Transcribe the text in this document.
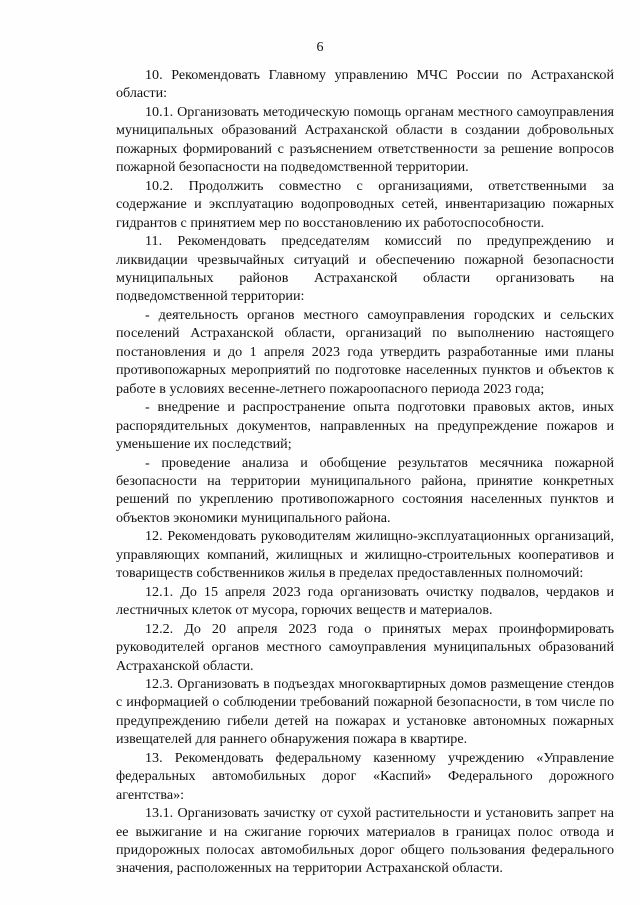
6

10. Рекомендовать Главному управлению МЧС России по Астраханской области:

10.1. Организовать методическую помощь органам местного самоуправления муниципальных образований Астраханской области в создании добровольных пожарных формирований с разъяснением ответственности за решение вопросов пожарной безопасности на подведомственной территории.

10.2. Продолжить совместно с организациями, ответственными за содержание и эксплуатацию водопроводных сетей, инвентаризацию пожарных гидрантов с принятием мер по восстановлению их работоспособности.

11. Рекомендовать председателям комиссий по предупреждению и ликвидации чрезвычайных ситуаций и обеспечению пожарной безопасности муниципальных районов Астраханской области организовать на подведомственной территории:

- деятельность органов местного самоуправления городских и сельских поселений Астраханской области, организаций по выполнению настоящего постановления и до 1 апреля 2023 года утвердить разработанные ими планы противопожарных мероприятий по подготовке населенных пунктов и объектов к работе в условиях весенне-летнего пожароопасного периода 2023 года;

- внедрение и распространение опыта подготовки правовых актов, иных распорядительных документов, направленных на предупреждение пожаров и уменьшение их последствий;

- проведение анализа и обобщение результатов месячника пожарной безопасности на территории муниципального района, принятие конкретных решений по укреплению противопожарного состояния населенных пунктов и объектов экономики муниципального района.

12. Рекомендовать руководителям жилищно-эксплуатационных организаций, управляющих компаний, жилищных и жилищно-строительных кооперативов и товариществ собственников жилья в пределах предоставленных полномочий:

12.1. До 15 апреля 2023 года организовать очистку подвалов, чердаков и лестничных клеток от мусора, горючих веществ и материалов.

12.2. До 20 апреля 2023 года о принятых мерах проинформировать руководителей органов местного самоуправления муниципальных образований Астраханской области.

12.3. Организовать в подъездах многоквартирных домов размещение стендов с информацией о соблюдении требований пожарной безопасности, в том числе по предупреждению гибели детей на пожарах и установке автономных пожарных извещателей для раннего обнаружения пожара в квартире.

13. Рекомендовать федеральному казенному учреждению «Управление федеральных автомобильных дорог «Каспий» Федерального дорожного агентства»:

13.1. Организовать зачистку от сухой растительности и установить запрет на ее выжигание и на сжигание горючих материалов в границах полос отвода и придорожных полосах автомобильных дорог общего пользования федерального значения, расположенных на территории Астраханской области.
